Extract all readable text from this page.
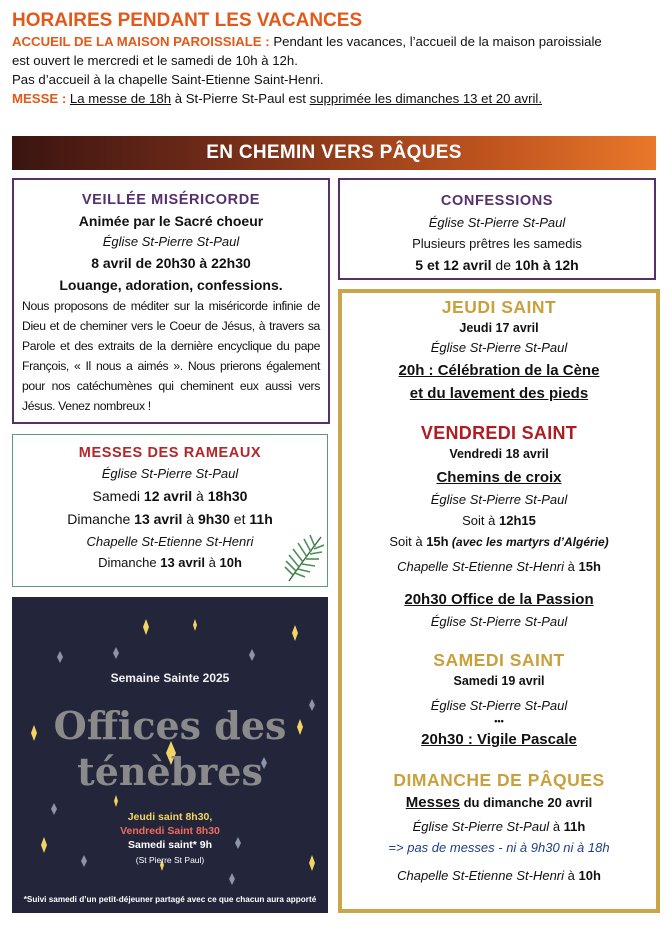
HORAIRES PENDANT LES VACANCES

ACCUEIL DE LA MAISON PAROISSIALE : Pendant les vacances, l’accueil de la maison paroissiale

est ouvert le mercredi et le samedi de 10h à 12h.

Pas d’accueil à la chapelle Saint-Etienne Saint-Henri.

MESSE : La messe de 18h à St-Pierre St-Paul est supprimée les dimanches 13 et 20 avril.

EN CHEMIN VERS PÂQUES
VEILLÉE MISÉRICORDE
Animée par le Sacré choeur
Église St-Pierre St-Paul
8 avril de 20h30 à 22h30
Louange, adoration, confessions.
Nous proposons de méditer sur la miséricorde infinie de Dieu et de cheminer vers le Coeur de Jésus, à travers sa Parole et des extraits de la dernière encyclique du pape François, « Il nous a aimés ». Nous prierons également pour nos catéchumènes qui cheminent eux aussi vers Jésus. Venez nombreux !
CONFESSIONS
Église St-Pierre St-Paul
Plusieurs prêtres les samedis
5 et 12 avril de 10h à 12h
MESSES DES RAMEAUX
Église St-Pierre St-Paul
Samedi 12 avril à 18h30
Dimanche 13 avril à 9h30 et 11h
Chapelle St-Etienne St-Henri
Dimanche 13 avril à 10h
Semaine Sainte 2025
Offices des
ténèbres
Jeudi saint 8h30,
Vendredi Saint 8h30
Samedi saint* 9h
(St Pierre St Paul)
*Suivi samedi d’un petit-déjeuner partagé avec ce que chacun aura apporté
JEUDI SAINT
Jeudi 17 avril
Église St-Pierre St-Paul
20h : Célébration de la Cène
et du lavement des pieds
VENDREDI SAINT
Vendredi 18 avril
Chemins de croix
Église St-Pierre St-Paul
Soit à 12h15
Soit à 15h (avec les martyrs d’Algérie)
Chapelle St-Etienne St-Henri à 15h
20h30 Office de la Passion
Église St-Pierre St-Paul
SAMEDI SAINT
Samedi 19 avril
Église St-Pierre St-Paul
•••
20h30 : Vigile Pascale
DIMANCHE DE PÂQUES
Messes du dimanche 20 avril
Église St-Pierre St-Paul à 11h
=> pas de messes - ni à 9h30 ni à 18h
Chapelle St-Etienne St-Henri à 10h
